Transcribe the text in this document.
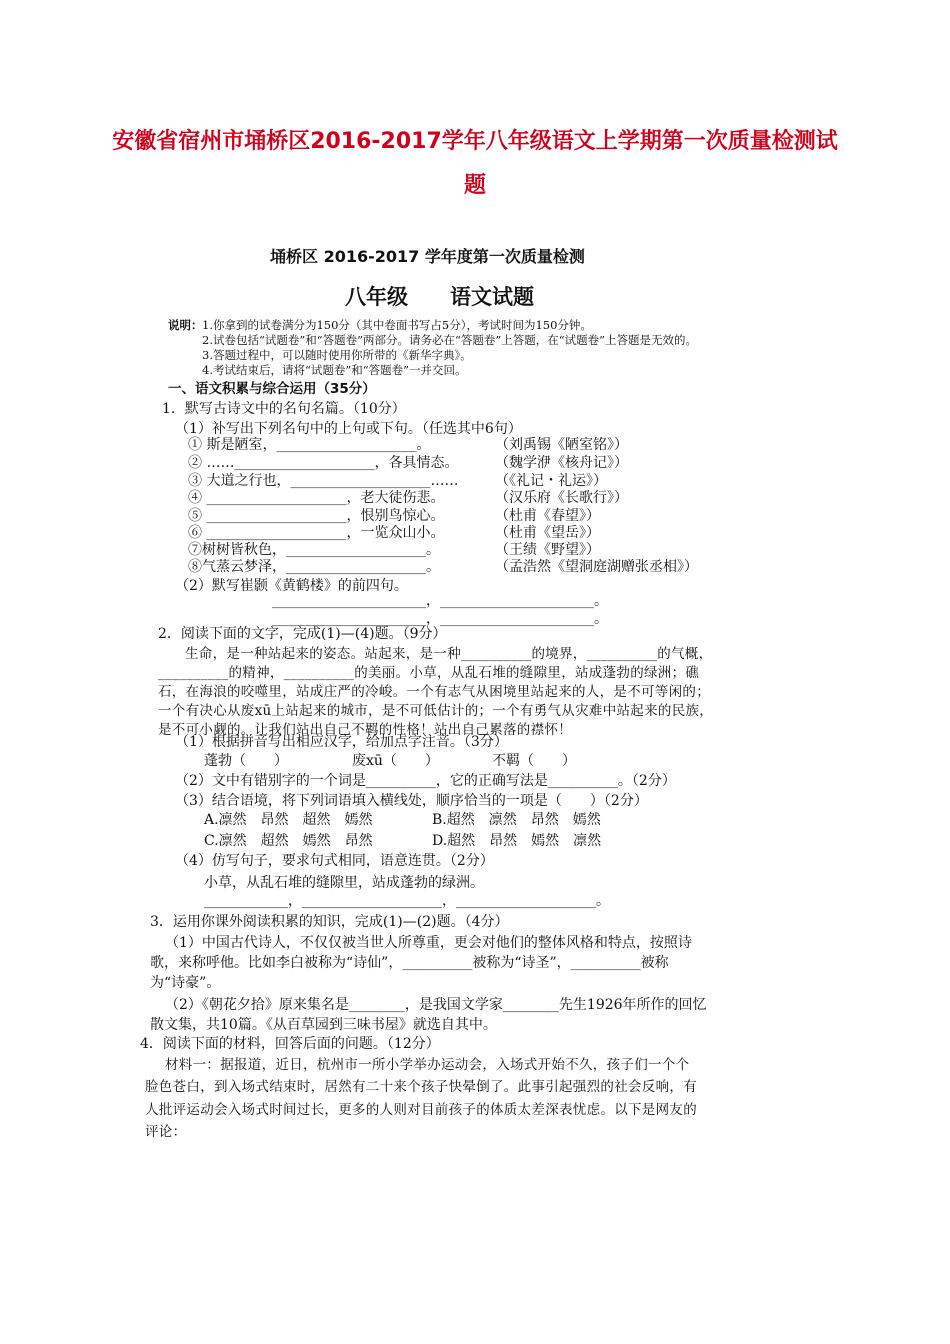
安徽省宿州市埇桥区2016-2017学年八年级语文上学期第一次质量检测试
题
埇桥区 2016-2017 学年度第一次质量检测
八年级　　语文试题
说明： 1.你拿到的试卷满分为150分（其中卷面书写占5分），考试时间为150分钟。
2.试卷包括“试题卷”和“答题卷”两部分。请务必在“答题卷”上答题，在“试题卷”上答题是无效的。
3.答题过程中，可以随时使用你所带的《新华字典》。
4.考试结束后，请将“试题卷”和“答题卷”一并交回。
一、语文积累与综合运用（35分）
1．默写古诗文中的名句名篇。（10分）
（1）补写出下列名句中的上句或下句。（任选其中6句）
① 斯是陋室，____________________。	（刘禹锡《陋室铭》）
② ……____________________，各具情态。	（魏学洢《核舟记》）
③ 大道之行也，____________________……	（《礼记・礼运》）
④ ____________________，老大徒伤悲。	（汉乐府《长歌行》）
⑤ ____________________，恨别鸟惊心。	（杜甫《春望》）
⑥ ____________________，一览众山小。	（杜甫《望岳》）
⑦树树皆秋色，____________________。	（王绩《野望》）
⑧气蒸云梦泽，____________________。	（孟浩然《望洞庭湖赠张丞相》）
（2）默写崔颢《黄鹤楼》的前四句。
______________________，______________________。
______________________，______________________。
2．阅读下面的文字，完成(1)—(4)题。（9分）
生命，是一种站起来的姿态。站起来，是一种__________的境界，__________的气概，
__________的精神，__________的美丽。小草，从乱石堆的缝隙里，站成蓬勃的绿洲；礁
石，在海浪的咬噬里，站成庄严的冷峻。一个有志气从困境里站起来的人，是不可等闲的；
一个有决心从废xū上站起来的城市，是不可低估计的；一个有勇气从灾难中站起来的民族，
是不可小觑的。让我们站出自己不羁的性格！站出自己累落的襟怀！
（1）根据拼音写出相应汉字，给加点字注音。（3分）
蓬勃（　　）	废xū（　　）	不羁（　　）
（2）文中有错别字的一个词是__________，它的正确写法是__________。（2分）
（3）结合语境，将下列词语填入横线处，顺序恰当的一项是（　　）（2分）
A.凛然　昂然　超然　嫣然	B.超然　凛然　昂然　嫣然
C.凛然　超然　嫣然　昂然	D.超然　昂然　嫣然　凛然
（4）仿写句子，要求句式相同，语意连贯。（2分）
小草，从乱石堆的缝隙里，站成蓬勃的绿洲。
____________，____________________，____________________。
3．运用你课外阅读积累的知识，完成(1)—(2)题。（4分）
（1）中国古代诗人，不仅仅被当世人所尊重，更会对他们的整体风格和特点，按照诗
歌，来称呼他。比如李白被称为“诗仙”，__________被称为“诗圣”，__________被称
为“诗豪”。
（2）《朝花夕拾》原来集名是________，是我国文学家________先生1926年所作的回忆
散文集，共10篇。《从百草园到三味书屋》就选自其中。
4．阅读下面的材料，回答后面的问题。（12分）
材料一：据报道，近日，杭州市一所小学举办运动会，入场式开始不久，孩子们一个个
脸色苍白，到入场式结束时，居然有二十来个孩子快晕倒了。此事引起强烈的社会反响，有
人批评运动会入场式时间过长，更多的人则对目前孩子的体质太差深表忧虑。以下是网友的
评论：
